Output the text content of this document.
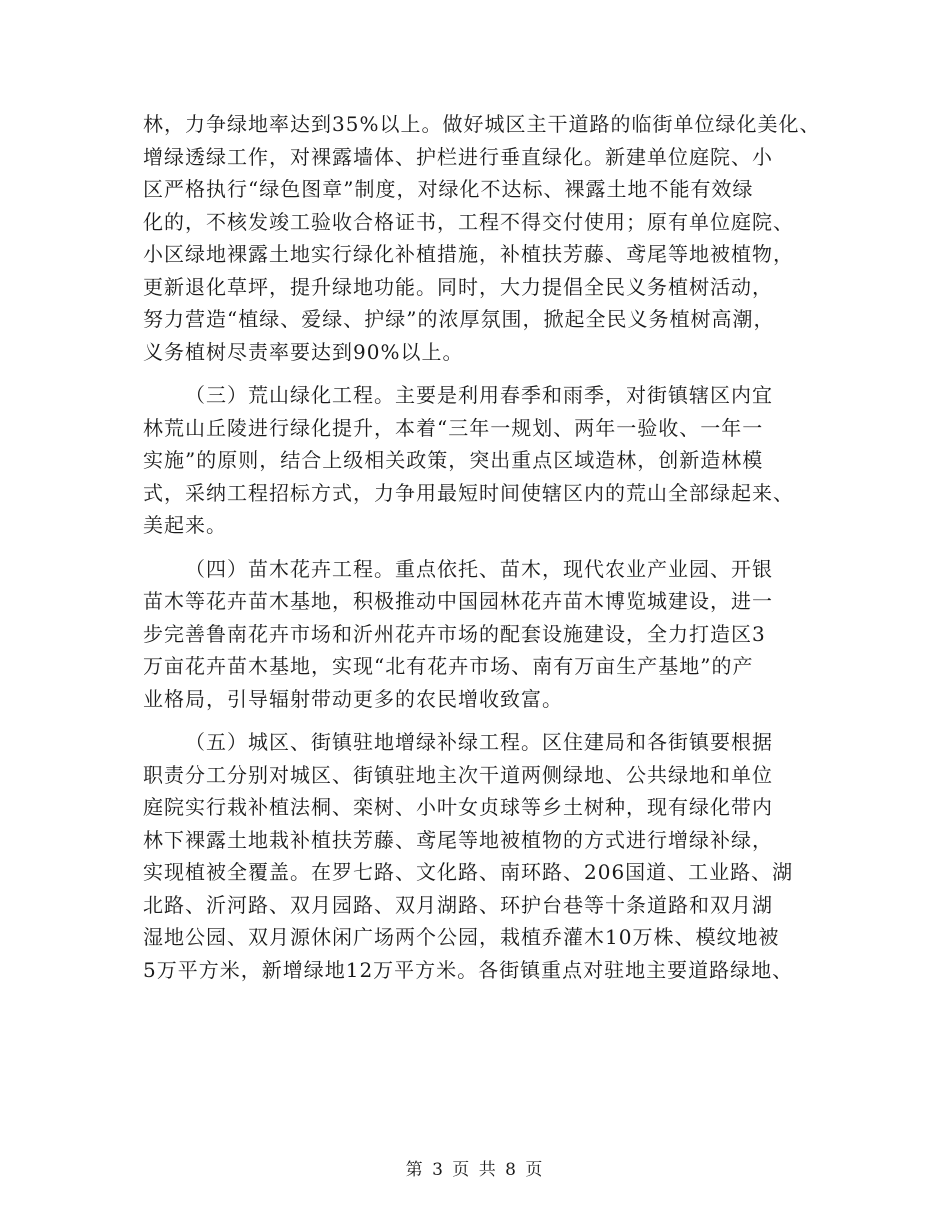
林，力争绿地率达到35%以上。做好城区主干道路的临街单位绿化美化、
增绿透绿工作，对裸露墙体、护栏进行垂直绿化。新建单位庭院、小
区严格执行“绿色图章”制度，对绿化不达标、裸露土地不能有效绿
化的，不核发竣工验收合格证书，工程不得交付使用；原有单位庭院、
小区绿地裸露土地实行绿化补植措施，补植扶芳藤、鸢尾等地被植物，
更新退化草坪，提升绿地功能。同时，大力提倡全民义务植树活动，
努力营造“植绿、爱绿、护绿”的浓厚氛围，掀起全民义务植树高潮，
义务植树尽责率要达到90%以上。

（三）荒山绿化工程。主要是利用春季和雨季，对街镇辖区内宜
林荒山丘陵进行绿化提升，本着“三年一规划、两年一验收、一年一
实施”的原则，结合上级相关政策，突出重点区域造林，创新造林模
式，采纳工程招标方式，力争用最短时间使辖区内的荒山全部绿起来、
美起来。

（四）苗木花卉工程。重点依托、苗木，现代农业产业园、开银
苗木等花卉苗木基地，积极推动中国园林花卉苗木博览城建设，进一
步完善鲁南花卉市场和沂州花卉市场的配套设施建设，全力打造区3
万亩花卉苗木基地，实现“北有花卉市场、南有万亩生产基地”的产
业格局，引导辐射带动更多的农民增收致富。

（五）城区、街镇驻地增绿补绿工程。区住建局和各街镇要根据
职责分工分别对城区、街镇驻地主次干道两侧绿地、公共绿地和单位
庭院实行栽补植法桐、栾树、小叶女贞球等乡土树种，现有绿化带内
林下裸露土地栽补植扶芳藤、鸢尾等地被植物的方式进行增绿补绿，
实现植被全覆盖。在罗七路、文化路、南环路、206国道、工业路、湖
北路、沂河路、双月园路、双月湖路、环护台巷等十条道路和双月湖
湿地公园、双月源休闲广场两个公园，栽植乔灌木10万株、模纹地被
5万平方米，新增绿地12万平方米。各街镇重点对驻地主要道路绿地、

第 3 页 共 8 页
